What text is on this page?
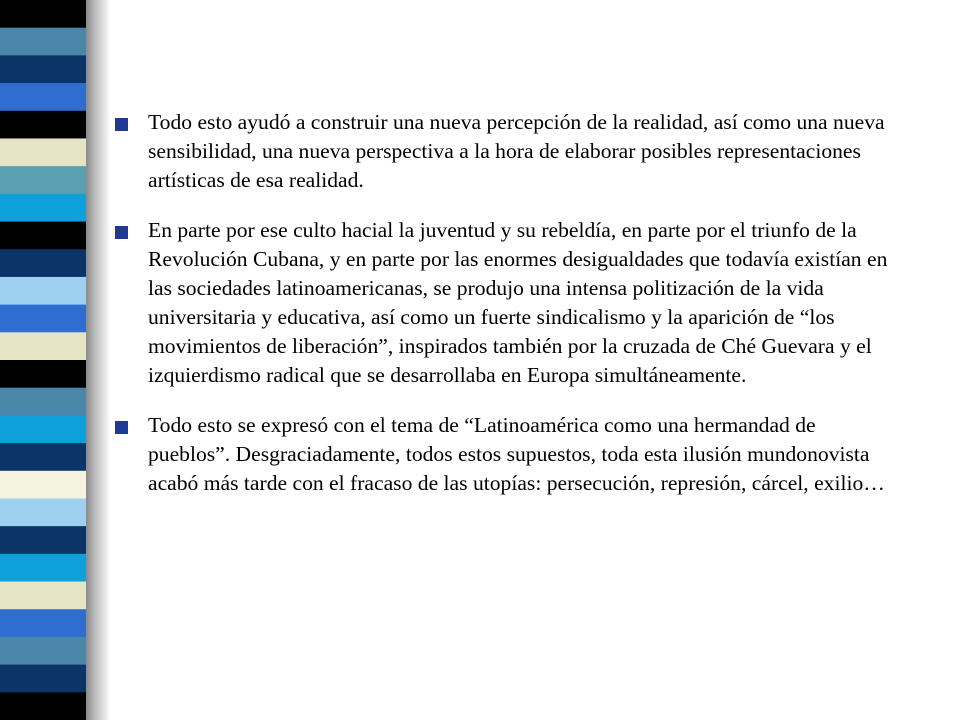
Todo esto ayudó a construir una nueva percepción de la realidad, así como una nueva sensibilidad, una nueva perspectiva a la hora de elaborar posibles representaciones artísticas de esa realidad.
En parte por ese culto hacial la juventud y su rebeldía, en parte por el triunfo de la Revolución Cubana, y en parte por las enormes desigualdades que todavía existían en las sociedades latinoamericanas, se produjo una intensa politización de la vida universitaria y educativa, así como un fuerte sindicalismo y la aparición de “los movimientos de liberación”, inspirados también por la cruzada de Ché Guevara y el izquierdismo radical que se desarrollaba en Europa simultáneamente.
Todo esto se expresó con el tema de “Latinoamérica como una hermandad de pueblos”. Desgraciadamente, todos estos supuestos, toda esta ilusión mundonovista acabó más tarde con el fracaso de las utopías: persecución, represión, cárcel, exilio…
